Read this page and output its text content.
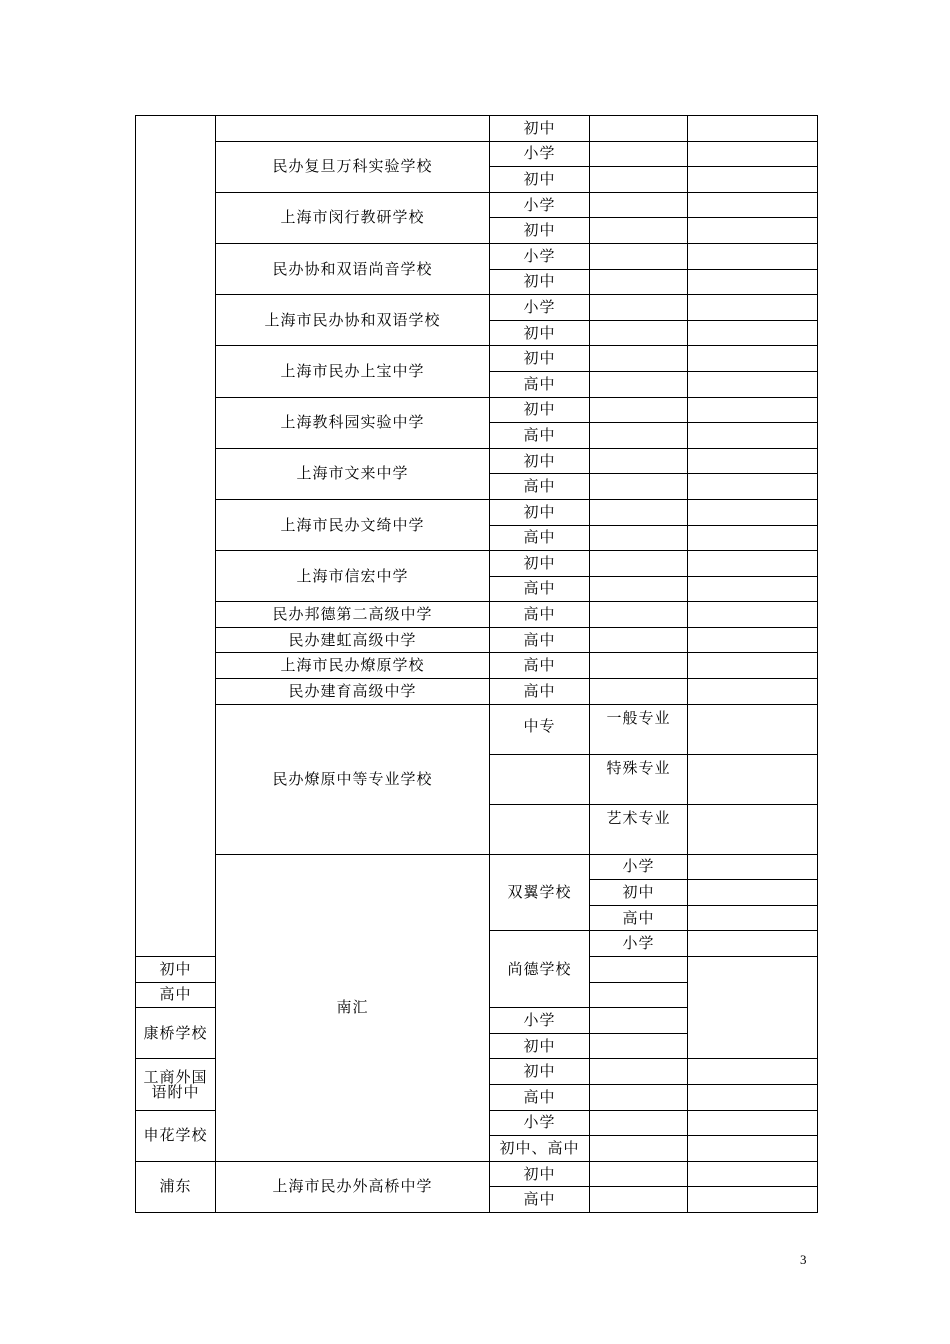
		初中			
	民办复旦万科实验学校	小学			
		初中			
	上海市闵行教研学校	小学			
		初中			
	民办协和双语尚音学校	小学			
		初中			
	上海市民办协和双语学校	小学			
		初中			
	上海市民办上宝中学	初中			
		高中			
	上海教科园实验中学	初中			
		高中			
	上海市文来中学	初中			
		高中			
	上海市民办文绮中学	初中			
		高中			
	上海市信宏中学	初中			
		高中			
	民办邦德第二高级中学	高中			
	民办建虹高级中学	高中			
	上海市民办燎原学校	高中			
	民办建育高级中学	高中			
	民办燎原中等专业学校	中专	一般专业		
			特殊专业		
			艺术专业		
	南汇	双翼学校	小学		
			初中		
			高中		
		尚德学校	小学		
初中					
高中					
康桥学校		小学			
		初中			
工商外国语附中		初中			
		高中			
申花学校		小学			
		初中、高中			
浦东	上海市民办外高桥中学	初中			
		高中			
3
